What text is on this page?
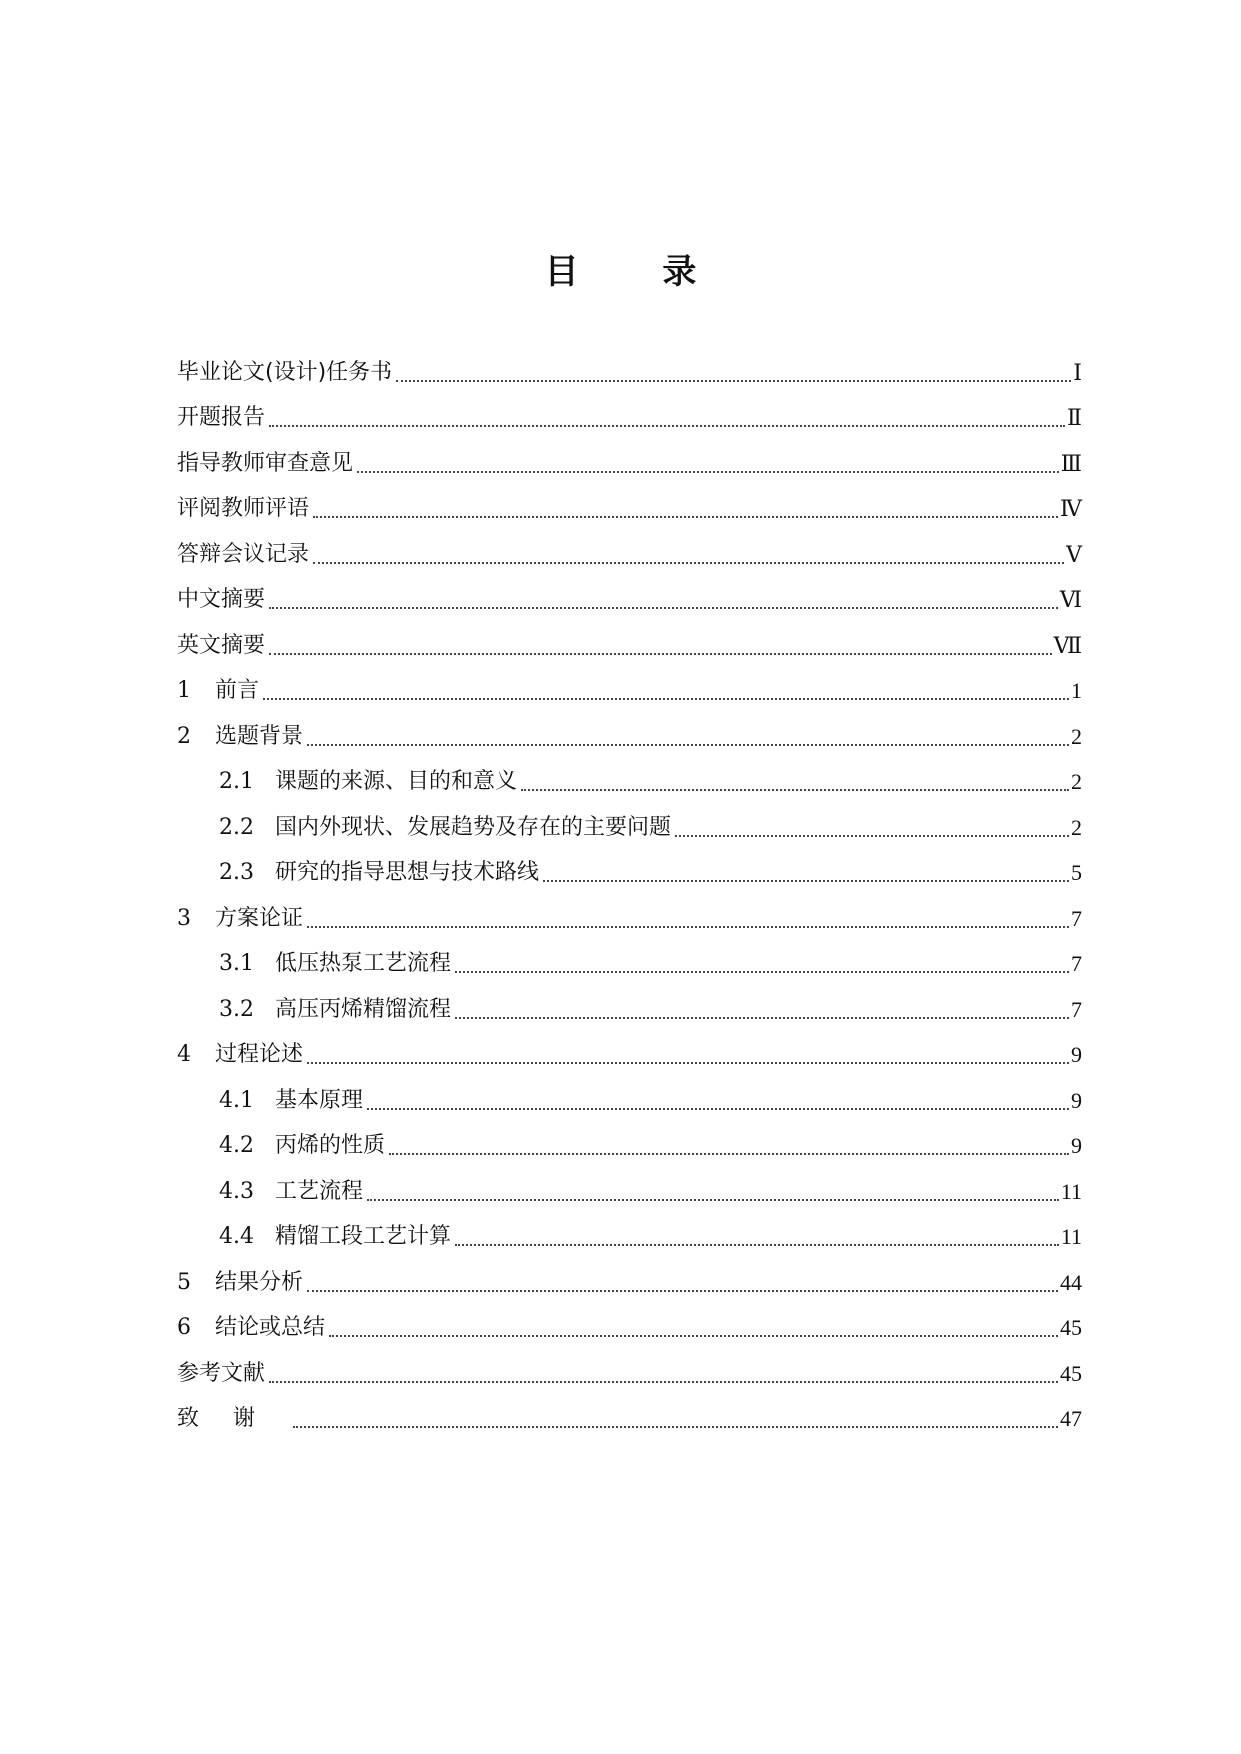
目 录
毕业论文(设计)任务书	Ⅰ
开题报告	Ⅱ
指导教师审查意见	Ⅲ
评阅教师评语	Ⅳ
答辩会议记录	Ⅴ
中文摘要	Ⅵ
英文摘要	Ⅶ
1	前言	1
2	选题背景	2
2.1 课题的来源、目的和意义	2
2.2 国内外现状、发展趋势及存在的主要问题	2
2.3 研究的指导思想与技术路线	5
3	方案论证	7
3.1 低压热泵工艺流程	7
3.2 高压丙烯精馏流程	7
4	过程论述	9
4.1 基本原理	9
4.2 丙烯的性质	9
4.3 工艺流程	11
4.4 精馏工段工艺计算	11
5	结果分析	44
6	结论或总结	45
参考文献	45
致谢	47
